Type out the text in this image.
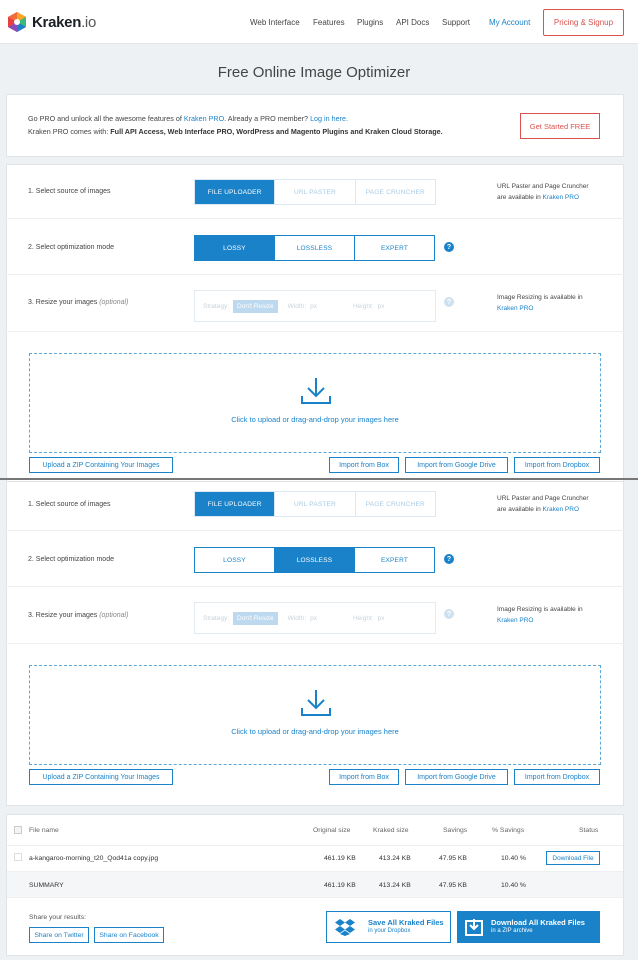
Kraken.io	Web Interface Features Plugins API Docs Support My Account	Pricing & Signup
Free Online Image Optimizer
Go PRO and unlock all the awesome features of Kraken PRO. Already a PRO member? Log in here.
Kraken PRO comes with: Full API Access, Web Interface PRO, WordPress and Magento Plugins and Kraken Cloud Storage.
Get Started FREE
1. Select source of images	FILE UPLOADER	URL PASTER	PAGE CRUNCHER
URL Paster and Page Cruncher
are available in Kraken PRO
2. Select optimization mode	LOSSY	LOSSLESS	EXPERT	?
3. Resize your images (optional)	Strategy:	Don't Resize	Width: px	Height: px
?
Image Resizing is available in
Kraken PRO
Click to upload or drag-and-drop your images here
Upload a ZIP Containing Your Images	Import from Box	Import from Google Drive	Import from Dropbox
1. Select source of images	FILE UPLOADER	URL PASTER	PAGE CRUNCHER
URL Paster and Page Cruncher
are available in Kraken PRO
2. Select optimization mode	LOSSY	LOSSLESS	EXPERT	?
3. Resize your images (optional)	Strategy:	Don't Resize	Width: px	Height: px
?
Image Resizing is available in
Kraken PRO
Click to upload or drag-and-drop your images here
Upload a ZIP Containing Your Images	Import from Box	Import from Google Drive	Import from Dropbox
File name	Original size	Kraked size	Savings	% Savings	Status
a-kangaroo-morning_t20_Qod41a copy.jpg	461.19 KB	413.24 KB	47.95 KB	10.40 %	Download File
SUMMARY	461.19 KB	413.24 KB	47.95 KB	10.40 %
Share your results:
Share on Twitter	Share on Facebook
Save All Kraked Files
in your Dropbox
Download All Kraked Files
in a ZIP archive
